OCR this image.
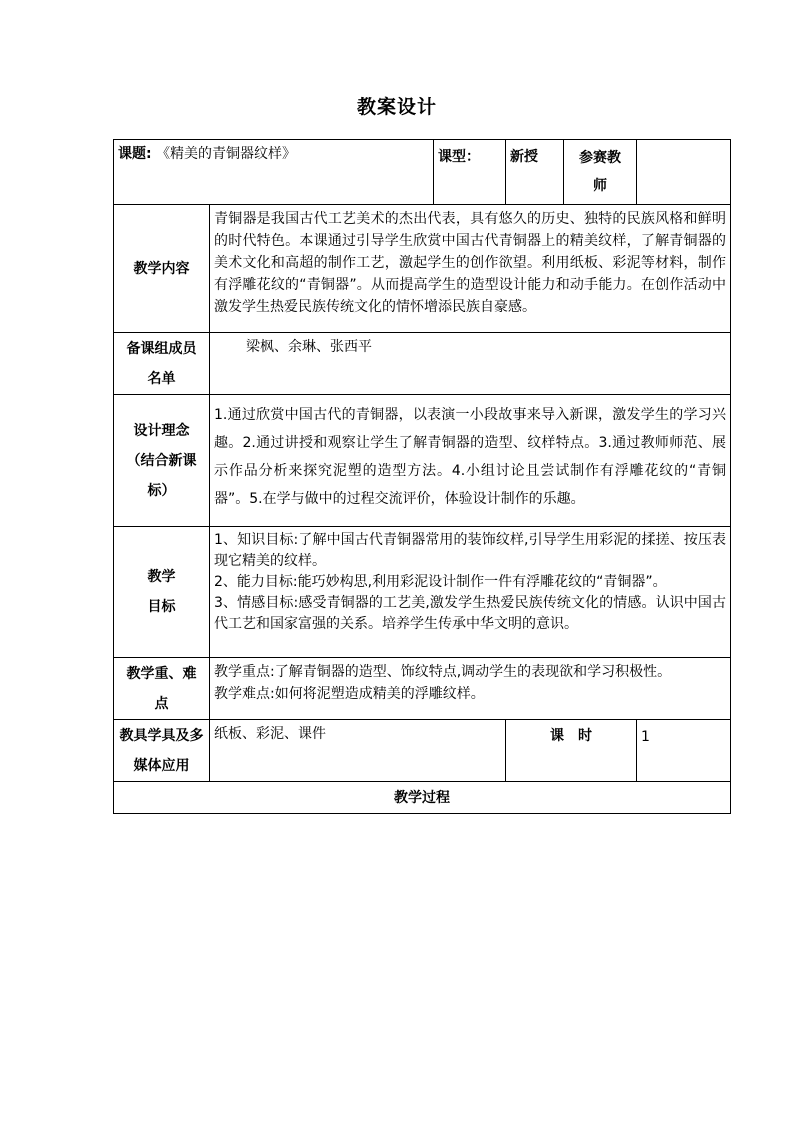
教案设计
课题: 《精美的青铜器纹样》		课型：	新授	参赛教师	
教学内容	青铜器是我国古代工艺美术的杰出代表，具有悠久的历史、独特的民族风格和鲜明的时代特色。本课通过引导学生欣赏中国古代青铜器上的精美纹样，了解青铜器的美术文化和高超的制作工艺，激起学生的创作欲望。利用纸板、彩泥等材料，制作有浮雕花纹的“青铜器”。从而提高学生的造型设计能力和动手能力。在创作活动中激发学生热爱民族传统文化的情怀增添民族自豪感。				
备课组成员名单	梁枫、余琳、张西平				
设计理念（结合新课标）	1.通过欣赏中国古代的青铜器，以表演一小段故事来导入新课，激发学生的学习兴趣。2.通过讲授和观察让学生了解青铜器的造型、纹样特点。3.通过教师师范、展示作品分析来探究泥塑的造型方法。4.小组讨论且尝试制作有浮雕花纹的“青铜器”。5.在学与做中的过程交流评价，体验设计制作的乐趣。				

教学
目标	1、知识目标:了解中国古代青铜器常用的装饰纹样,引导学生用彩泥的揉搓、按压表现它精美的纹样。
2、能力目标:能巧妙构思,利用彩泥设计制作一件有浮雕花纹的“青铜器”。
3、情感目标:感受青铜器的工艺美,激发学生热爱民族传统文化的情感。认识中国古代工艺和国家富强的关系。培养学生传承中华文明的意识。				

教学重、难点	教学重点:了解青铜器的造型、饰纹特点,调动学生的表现欲和学习积极性。
教学难点:如何将泥塑造成精美的浮雕纹样。				

教具学具及多媒体应用	纸板、彩泥、课件		课　时		1
教学过程					
